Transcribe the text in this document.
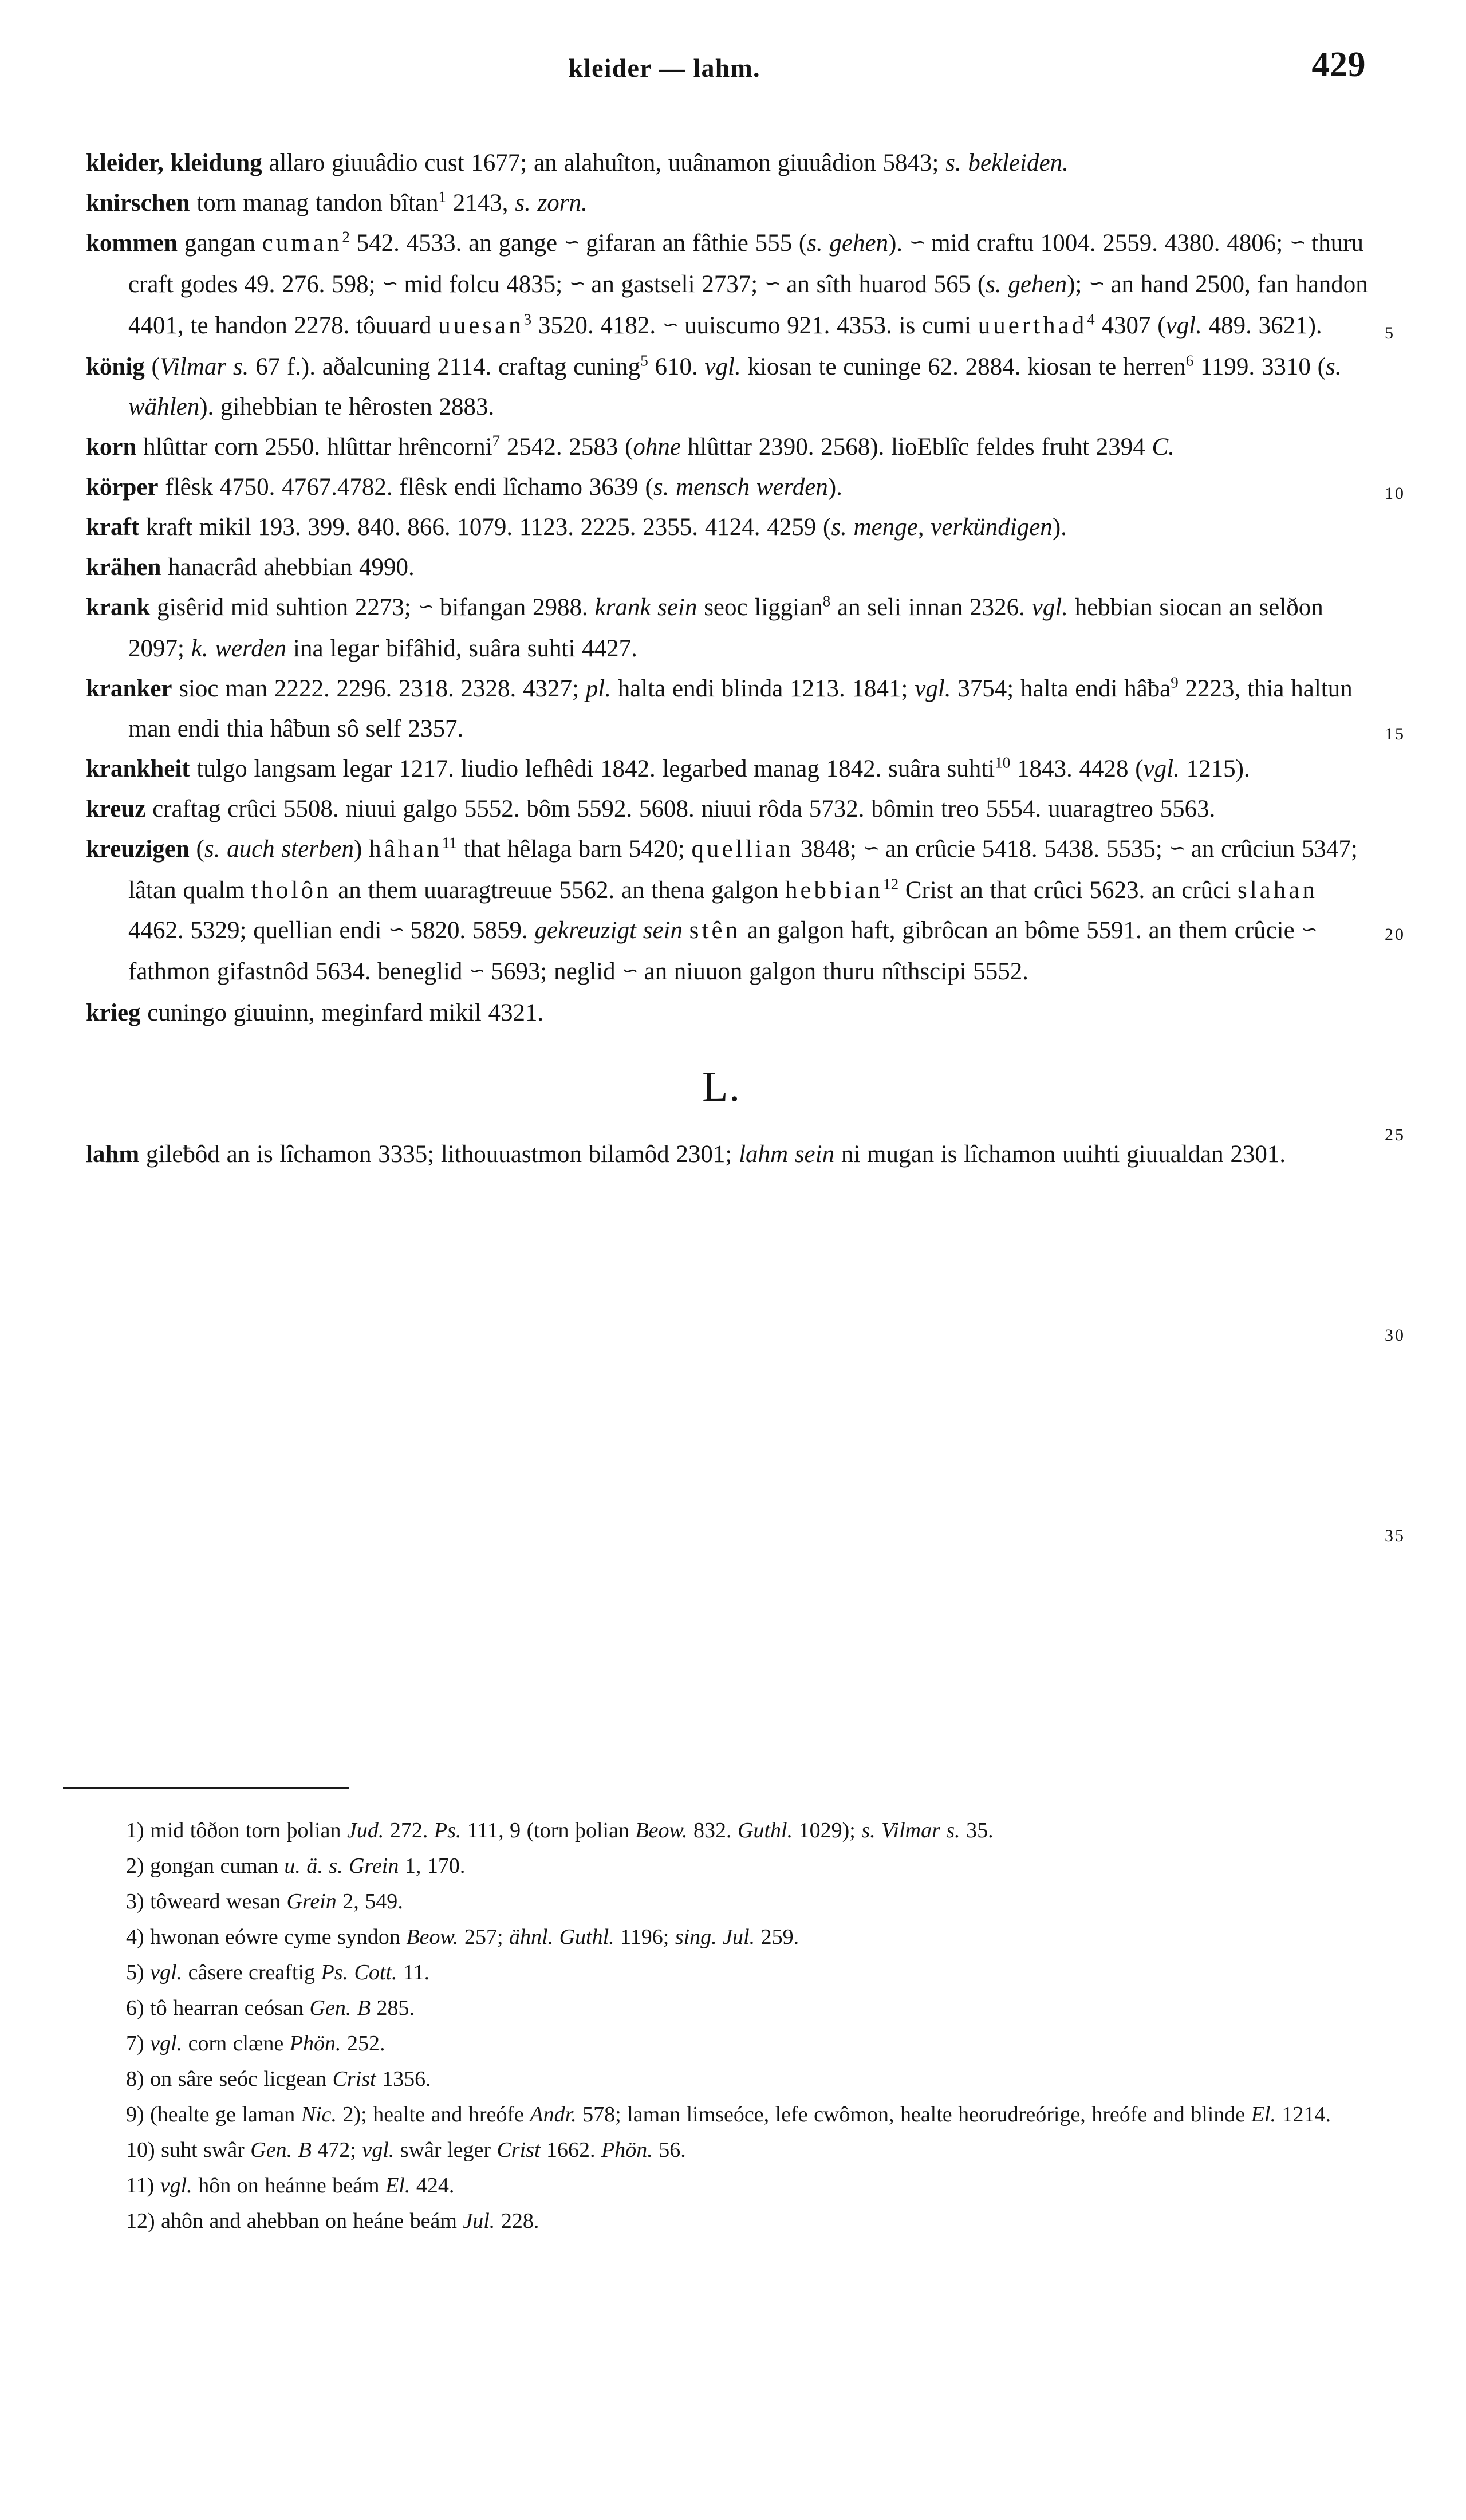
kleider — lahm.	429

kleider, kleidung allaro giuuâdio cust 1677; an alahuîton, uuânamon giuuâdion 5843; s. bekleiden.

knirschen torn manag tandon bîtan$^1$ 2143, s. zorn.

kommen gangan cuman$^2$ 542. 4533. an gange ∽ gifaran an fâthie 555 (s. gehen). ∽ mid craftu 1004. 2559. 4380. 4806; ∽ thuru craft godes 49. 276. 598; ∽ mid folcu 4835; ∽ an gastseli 2737; ∽ an sîth huarod 565 (s. gehen); ∽ an hand 2500, fan handon 4401, te handon 2278. tôuuard uuesan$^3$ 3520. 4182. ∽ uuiscumo 921. 4353. is cumi uuerthad$^4$ 4307 (vgl. 489. 3621).

könig (Vilmar s. 67 f.). aðalcuning 2114. craftag cuning$^5$ 610. vgl. kiosan te cuninge 62. 2884. kiosan te herren$^6$ 1199. 3310 (s. wählen). gihebbian te hêrosten 2883.

korn hlûttar corn 2550. hlûttar hrêncorni$^7$ 2542. 2583 (ohne hlûttar 2390. 2568). lioEblîc feldes fruht 2394 C.

körper flêsk 4750. 4767.4782. flêsk endi lîchamo 3639 (s. mensch werden).

kraft kraft mikil 193. 399. 840. 866. 1079. 1123. 2225. 2355. 4124. 4259 (s. menge, verkündigen).

krähen hanacrâd ahebbian 4990.

krank gisêrid mid suhtion 2273; ∽ bifangan 2988. krank sein seoc liggian$^8$ an seli innan 2326. vgl. hebbian siocan an selðon 2097; k. werden ina legar bifâhid, suâra suhti 4427.

kranker sioc man 2222. 2296. 2318. 2328. 4327; pl. halta endi blinda 1213. 1841; vgl. 3754; halta endi hâƀa$^9$ 2223, thia haltun man endi thia hâƀun sô self 2357.

krankheit tulgo langsam legar 1217. liudio lefhêdi 1842. legarbed manag 1842. suâra suhti$^{10}$ 1843. 4428 (vgl. 1215).

kreuz craftag crûci 5508. niuui galgo 5552. bôm 5592. 5608. niuui rôda 5732. bômin treo 5554. uuaragtreo 5563.

kreuzigen (s. auch sterben) hâhan$^{11}$ that hêlaga barn 5420; quellian 3848; ∽ an crûcie 5418. 5438. 5535; ∽ an crûciun 5347; lâtan qualm tholôn an them uuaragtreuue 5562. an thena galgon hebbian$^{12}$ Crist an that crûci 5623. an crûci slahan 4462. 5329; quellian endi ∽ 5820. 5859. gekreuzigt sein stên an galgon haft, gibrôcan an bôme 5591. an them crûcie ∽ fathmon gifastnôd 5634. beneglid ∽ 5693; neglid ∽ an niuuon galgon thuru nîthscipi 5552.

krieg cuningo giuuinn, meginfard mikil 4321.

L.

lahm gileƀôd an is lîchamon 3335; lithouuastmon bilamôd 2301; lahm sein ni mugan is lîchamon uuihti giuualdan 2301.

5
10
15
20
25
30
35

1) mid tôðon torn þolian Jud. 272. Ps. 111, 9 (torn þolian Beow. 832. Guthl. 1029); s. Vilmar s. 35.

2) gongan cuman u. ä. s. Grein 1, 170.

3) tôweard wesan Grein 2, 549.

4) hwonan eówre cyme syndon Beow. 257; ähnl. Guthl. 1196; sing. Jul. 259.

5) vgl. câsere creaftig Ps. Cott. 11.

6) tô hearran ceósan Gen. B 285.

7) vgl. corn clæne Phön. 252.

8) on sâre seóc licgean Crist 1356.

9) (healte ge laman Nic. 2); healte and hreófe Andr. 578; laman limseóce, lefe cwômon, healte heorudreórige, hreófe and blinde El. 1214.

10) suht swâr Gen. B 472; vgl. swâr leger Crist 1662. Phön. 56.

11) vgl. hôn on heánne beám El. 424.

12) ahôn and ahebban on heáne beám Jul. 228.
